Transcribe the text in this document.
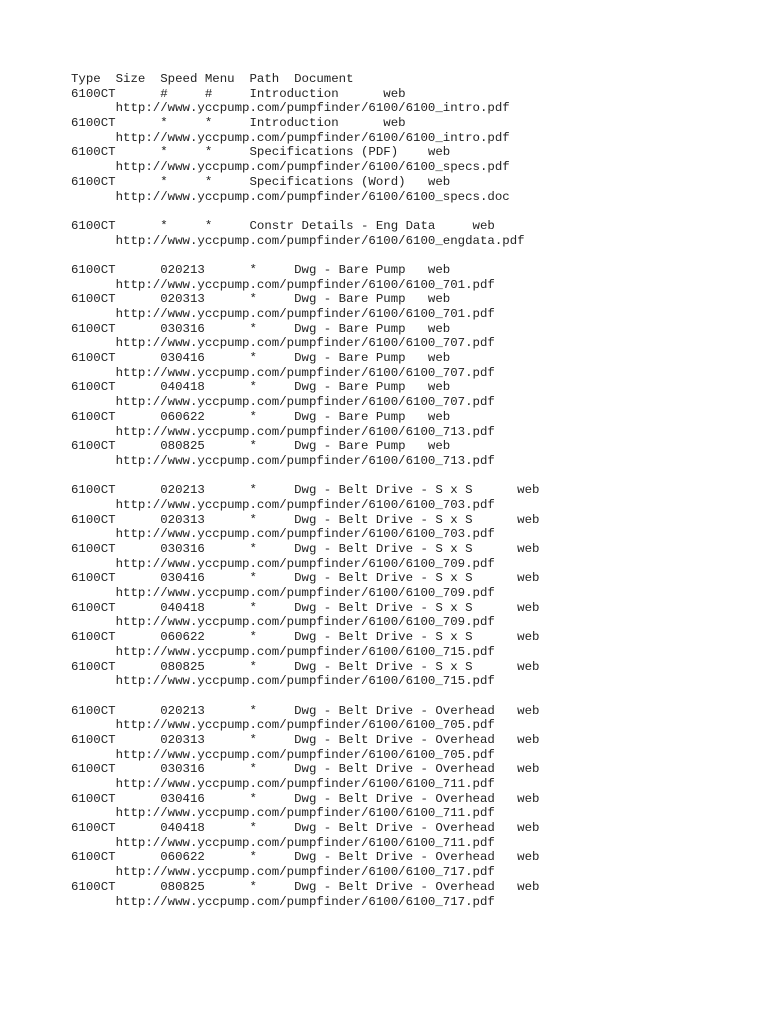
Type  Size  Speed Menu  Path  Document
6100CT      #     #     Introduction      web
http://www.yccpump.com/pumpfinder/6100/6100_intro.pdf
6100CT      *     *     Introduction      web
http://www.yccpump.com/pumpfinder/6100/6100_intro.pdf
6100CT      *     *     Specifications (PDF)    web
http://www.yccpump.com/pumpfinder/6100/6100_specs.pdf
6100CT      *     *     Specifications (Word)   web
http://www.yccpump.com/pumpfinder/6100/6100_specs.doc
6100CT      *     *     Constr Details - Eng Data     web
http://www.yccpump.com/pumpfinder/6100/6100_engdata.pdf
6100CT      020213      *     Dwg - Bare Pump   web
http://www.yccpump.com/pumpfinder/6100/6100_701.pdf
6100CT      020313      *     Dwg - Bare Pump   web
http://www.yccpump.com/pumpfinder/6100/6100_701.pdf
6100CT      030316      *     Dwg - Bare Pump   web
http://www.yccpump.com/pumpfinder/6100/6100_707.pdf
6100CT      030416      *     Dwg - Bare Pump   web
http://www.yccpump.com/pumpfinder/6100/6100_707.pdf
6100CT      040418      *     Dwg - Bare Pump   web
http://www.yccpump.com/pumpfinder/6100/6100_707.pdf
6100CT      060622      *     Dwg - Bare Pump   web
http://www.yccpump.com/pumpfinder/6100/6100_713.pdf
6100CT      080825      *     Dwg - Bare Pump   web
http://www.yccpump.com/pumpfinder/6100/6100_713.pdf
6100CT      020213      *     Dwg - Belt Drive - S x S      web
http://www.yccpump.com/pumpfinder/6100/6100_703.pdf
6100CT      020313      *     Dwg - Belt Drive - S x S      web
http://www.yccpump.com/pumpfinder/6100/6100_703.pdf
6100CT      030316      *     Dwg - Belt Drive - S x S      web
http://www.yccpump.com/pumpfinder/6100/6100_709.pdf
6100CT      030416      *     Dwg - Belt Drive - S x S      web
http://www.yccpump.com/pumpfinder/6100/6100_709.pdf
6100CT      040418      *     Dwg - Belt Drive - S x S      web
http://www.yccpump.com/pumpfinder/6100/6100_709.pdf
6100CT      060622      *     Dwg - Belt Drive - S x S      web
http://www.yccpump.com/pumpfinder/6100/6100_715.pdf
6100CT      080825      *     Dwg - Belt Drive - S x S      web
http://www.yccpump.com/pumpfinder/6100/6100_715.pdf
6100CT      020213      *     Dwg - Belt Drive - Overhead   web
http://www.yccpump.com/pumpfinder/6100/6100_705.pdf
6100CT      020313      *     Dwg - Belt Drive - Overhead   web
http://www.yccpump.com/pumpfinder/6100/6100_705.pdf
6100CT      030316      *     Dwg - Belt Drive - Overhead   web
http://www.yccpump.com/pumpfinder/6100/6100_711.pdf
6100CT      030416      *     Dwg - Belt Drive - Overhead   web
http://www.yccpump.com/pumpfinder/6100/6100_711.pdf
6100CT      040418      *     Dwg - Belt Drive - Overhead   web
http://www.yccpump.com/pumpfinder/6100/6100_711.pdf
6100CT      060622      *     Dwg - Belt Drive - Overhead   web
http://www.yccpump.com/pumpfinder/6100/6100_717.pdf
6100CT      080825      *     Dwg - Belt Drive - Overhead   web
http://www.yccpump.com/pumpfinder/6100/6100_717.pdf
